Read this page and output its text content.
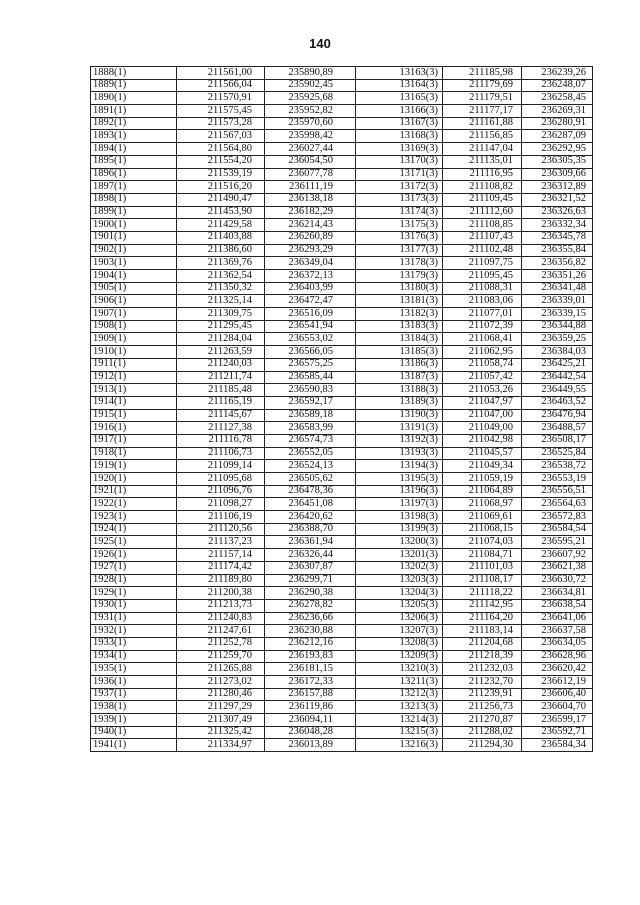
140
1888(1)	211561,00	235890,89	13163(3)	211185,98	236239,26
1889(1)	211566,04	235902,45	13164(3)	211179,69	236248,07
1890(1)	211570,91	235925,68	13165(3)	211179,51	236258,45
1891(1)	211575,45	235952,82	13166(3)	211177,17	236269,31
1892(1)	211573,28	235970,60	13167(3)	211161,88	236280,91
1893(1)	211567,03	235998,42	13168(3)	211156,85	236287,09
1894(1)	211564,80	236027,44	13169(3)	211147,04	236292,95
1895(1)	211554,20	236054,50	13170(3)	211135,01	236305,35
1896(1)	211539,19	236077,78	13171(3)	211116,95	236309,66
1897(1)	211516,20	236111,19	13172(3)	211108,82	236312,89
1898(1)	211490,47	236138,18	13173(3)	211109,45	236321,52
1899(1)	211453,90	236182,29	13174(3)	211112,60	236326,63
1900(1)	211429,58	236214,43	13175(3)	211108,85	236332,34
1901(1)	211403,88	236260,89	13176(3)	211107,43	236345,78
1902(1)	211386,60	236293,29	13177(3)	211102,48	236355,84
1903(1)	211369,76	236349,04	13178(3)	211097,75	236356,82
1904(1)	211362,54	236372,13	13179(3)	211095,45	236351,26
1905(1)	211350,32	236403,99	13180(3)	211088,31	236341,48
1906(1)	211325,14	236472,47	13181(3)	211083,06	236339,01
1907(1)	211309,75	236516,09	13182(3)	211077,01	236339,15
1908(1)	211295,45	236541,94	13183(3)	211072,39	236344,88
1909(1)	211284,04	236553,02	13184(3)	211068,41	236359,25
1910(1)	211263,59	236566,05	13185(3)	211062,95	236384,03
1911(1)	211240,03	236575,25	13186(3)	211058,74	236425,21
1912(1)	211211,74	236585,44	13187(3)	211057,42	236442,54
1913(1)	211185,48	236590,83	13188(3)	211053,26	236449,55
1914(1)	211165,19	236592,17	13189(3)	211047,97	236463,52
1915(1)	211145,67	236589,18	13190(3)	211047,00	236476,94
1916(1)	211127,38	236583,99	13191(3)	211049,00	236488,57
1917(1)	211116,78	236574,73	13192(3)	211042,98	236508,17
1918(1)	211106,73	236552,05	13193(3)	211045,57	236525,84
1919(1)	211099,14	236524,13	13194(3)	211049,34	236538,72
1920(1)	211095,68	236505,62	13195(3)	211059,19	236553,19
1921(1)	211096,76	236478,36	13196(3)	211064,89	236556,51
1922(1)	211098,27	236451,08	13197(3)	211068,97	236564,63
1923(1)	211106,19	236420,62	13198(3)	211069,61	236572,83
1924(1)	211120,56	236388,70	13199(3)	211068,15	236584,54
1925(1)	211137,23	236361,94	13200(3)	211074,03	236595,21
1926(1)	211157,14	236326,44	13201(3)	211084,71	236607,92
1927(1)	211174,42	236307,87	13202(3)	211101,03	236621,38
1928(1)	211189,80	236299,71	13203(3)	211108,17	236630,72
1929(1)	211200,38	236290,38	13204(3)	211118,22	236634,81
1930(1)	211213,73	236278,82	13205(3)	211142,95	236638,54
1931(1)	211240,83	236236,66	13206(3)	211164,20	236641,06
1932(1)	211247,61	236230,88	13207(3)	211183,14	236637,58
1933(1)	211252,78	236212,16	13208(3)	211204,68	236634,05
1934(1)	211259,70	236193,83	13209(3)	211218,39	236628,96
1935(1)	211265,88	236181,15	13210(3)	211232,03	236620,42
1936(1)	211273,02	236172,33	13211(3)	211232,70	236612,19
1937(1)	211280,46	236157,88	13212(3)	211239,91	236606,40
1938(1)	211297,29	236119,86	13213(3)	211256,73	236604,70
1939(1)	211307,49	236094,11	13214(3)	211270,87	236599,17
1940(1)	211325,42	236048,28	13215(3)	211288,02	236592,71
1941(1)	211334,97	236013,89	13216(3)	211294,30	236584,34
